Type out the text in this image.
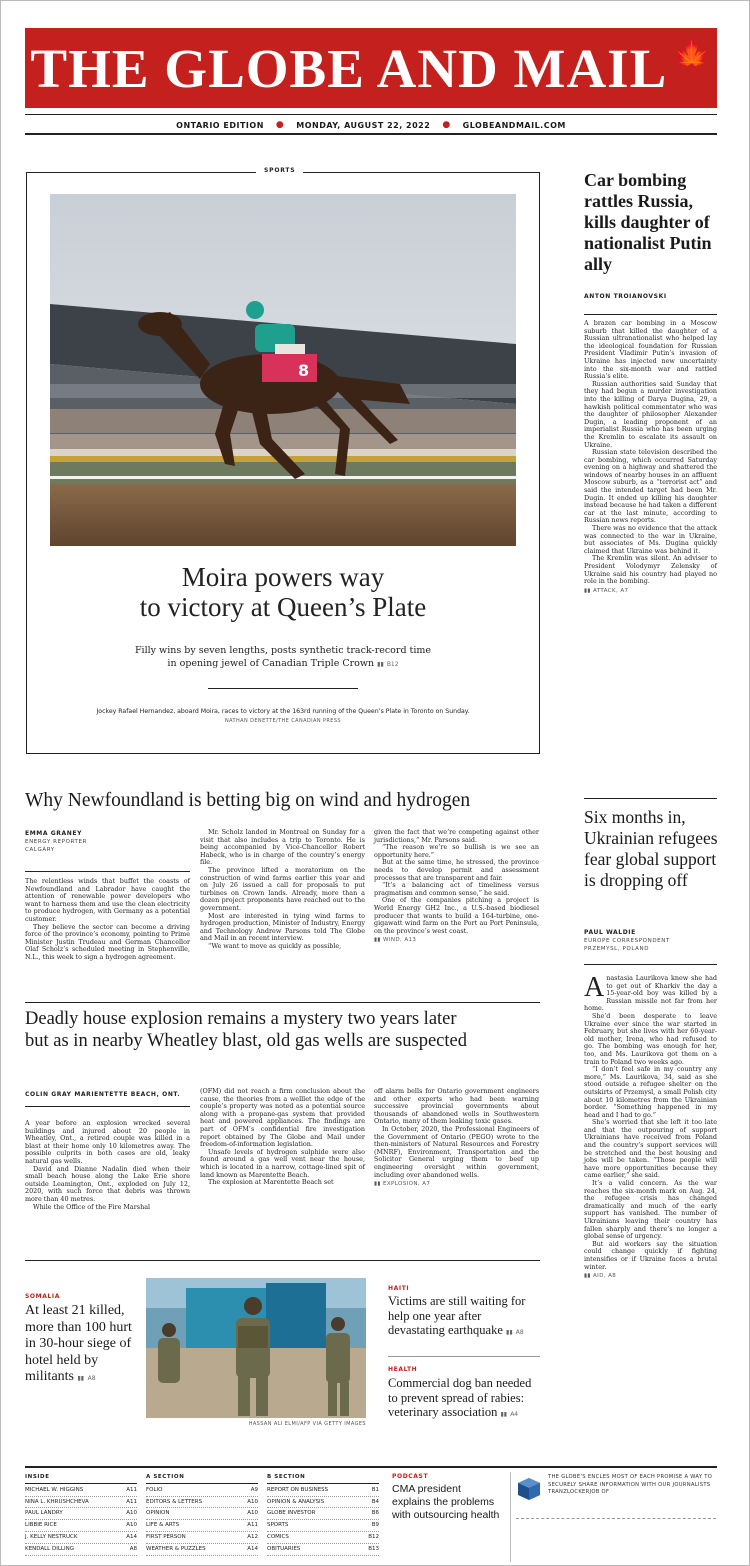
THE GLOBE AND MAIL 🍁
ONTARIO EDITION ● MONDAY, AUGUST 22, 2022 ● GLOBEANDMAIL.COM
SPORTS
8
Moira powers way
to victory at Queen’s Plate
Filly wins by seven lengths, posts synthetic track-record time
in opening jewel of Canadian Triple Crown ▮▮ B12
Jockey Rafael Hernandez, aboard Moira, races to victory at the 163rd running of the Queen’s Plate in Toronto on Sunday.
NATHAN DENETTE/THE CANADIAN PRESS
Car bombing rattles Russia, kills daughter of nationalist Putin ally
ANTON TROIANOVSKI

A brazen car bombing in a Moscow suburb that killed the daughter of a Russian ultranationalist who helped lay the ideological foundation for Russian President Vladimir Putin’s invasion of Ukraine has injected new uncertainty into the six-month war and rattled Russia’s elite.

Russian authorities said Sunday that they had begun a murder investigation into the killing of Darya Dugina, 29, a hawkish political commentator who was the daughter of philosopher Alexander Dugin, a leading proponent of an imperialist Russia who has been urging the Kremlin to escalate its assault on Ukraine.

Russian state television described the car bombing, which occurred Saturday evening on a highway and shattered the windows of nearby houses in an affluent Moscow suburb, as a “terrorist act” and said the intended target had been Mr. Dugin. It ended up killing his daughter instead because he had taken a different car at the last minute, according to Russian news reports.

There was no evidence that the attack was connected to the war in Ukraine, but associates of Ms. Dugina quickly claimed that Ukraine was behind it.

The Kremlin was silent. An adviser to President Volodymyr Zelensky of Ukraine said his country had played no role in the bombing.

▮▮ ATTACK, A7
Six months in, Ukrainian refugees fear global support is dropping off
PAUL WALDIE
EUROPE CORRESPONDENT
PRZEMYSL, POLAND

Anastasia Laurikova knew she had to get out of Kharkiv the day a 15-year-old boy was killed by a Russian missile not far from her home.

She’d been desperate to leave Ukraine ever since the war started in February, but she lives with her 60-year-old mother, Irena, who had refused to go. The bombing was enough for her, too, and Ms. Laurikova got them on a train to Poland two weeks ago.

“I don’t feel safe in my country any more,” Ms. Laurikova, 34, said as she stood outside a refugee shelter on the outskirts of Przemysl, a small Polish city about 10 kilometres from the Ukrainian border. “Something happened in my head and I had to go.”

She’s worried that she left it too late and that the outpouring of support Ukrainians have received from Poland and the country’s support services will be stretched and the best housing and jobs will be taken. “Those people will have more opportunities because they came earlier,” she said.

It’s a valid concern. As the war reaches the six-month mark on Aug. 24, the refugee crisis has changed dramatically and much of the early support has vanished. The number of Ukrainians leaving their country has fallen sharply and there’s no longer a global sense of urgency.

But aid workers say the situation could change quickly if fighting intensifies or if Ukraine faces a brutal winter.

▮▮ AID, A8
Why Newfoundland is betting big on wind and hydrogen
EMMA GRANEY
ENERGY REPORTER
CALGARY

The relentless winds that buffet the coasts of Newfoundland and Labrador have caught the attention of renewable power developers who want to harness them and use the clean electricity to produce hydrogen, with Germany as a potential customer.

They believe the sector can become a driving force of the province’s economy, pointing to Prime Minister Justin Trudeau and German Chancellor Olaf Scholz’s scheduled meeting in Stephenville, N.L., this week to sign a hydrogen agreement.

Mr. Scholz landed in Montreal on Sunday for a visit that also includes a trip to Toronto. He is being accompanied by Vice-Chancellor Robert Habeck, who is in charge of the country’s energy file.

The province lifted a moratorium on the construction of wind farms earlier this year and on July 26 issued a call for proposals to put turbines on Crown lands. Already, more than a dozen project proponents have reached out to the government.

Most are interested in tying wind farms to hydrogen production, Minister of Industry, Energy and Technology Andrew Parsons told The Globe and Mail in an recent interview.

“We want to move as quickly as possible,

given the fact that we’re competing against other jurisdictions,” Mr. Parsons said.

“The reason we’re so bullish is we see an opportunity here.”

But at the same time, he stressed, the province needs to develop permit and assessment processes that are transparent and fair.

“It’s a balancing act of timeliness versus pragmatism and common sense,” he said.

One of the companies pitching a project is World Energy GH2 Inc., a U.S.-based biodiesel producer that wants to build a 164-turbine, one-gigawatt wind farm on the Port au Port Peninsula, on the province’s west coast.

▮▮ WIND, A13
Deadly house explosion remains a mystery two years later
but as in nearby Wheatley blast, old gas wells are suspected
COLIN GRAY MARIENTETTE BEACH, ONT.

A year before an explosion wrecked several buildings and injured about 20 people in Wheatley, Ont., a retired couple was killed in a blast at their home only 10 kilometres away. The possible culprits in both cases are old, leaky natural gas wells.

David and Dianne Nadalin died when their small beach house along the Lake Erie shore outside Leamington, Ont., exploded on July 12, 2020, with such force that debris was thrown more than 40 metres.

While the Office of the Fire Marshal

(OFM) did not reach a firm conclusion about the cause, the theories from a welllet the edge of the couple’s property was noted as a potential source along with a propane-gas system that provided heat and powered appliances. The findings are part of OFM’s confidential fire investigation report obtained by The Globe and Mail under freedom-of-information legislation.

Unsafe levels of hydrogen sulphide were also found around a gas well vent near the house, which is located in a narrow, cottage-lined spit of land known as Marentette Beach.

The explosion at Marentette Beach set

off alarm bells for Ontario government engineers and other experts who had been warning successive provincial governments about thousands of abandoned wells in Southwestern Ontario, many of them leaking toxic gases.

In October, 2020, the Professional Engineers of the Government of Ontario (PEGO) wrote to the then-ministers of Natural Resources and Forestry (MNRF), Environment, Transportation and the Solicitor General urging them to beef up engineering oversight within government, including over abandoned wells.

▮▮ EXPLOSION, A7
SOMALIA
At least 21 killed, more than 100 hurt in 30-hour siege of hotel held by militants ▮▮ A8
HASSAN ALI ELMI/AFP VIA GETTY IMAGES
HAITI
Victims are still waiting for help one year after devastating earthquake ▮▮ A8
HEALTH
Commercial dog ban needed to prevent spread of rabies: veterinary association ▮▮ A4
INSIDE
MICHAEL W. HIGGINS	A11
NINA L. KHRUSHCHEVA	A11
PAUL LANDRY	A10
LIBBIE RICE	A10
J. KELLY NESTRUCK	A14
KENDALL DILLING	A8
A SECTION
FOLIO	A9
EDITORS & LETTERS	A10
OPINION	A10
LIFE & ARTS	A11
FIRST PERSON	A12
WEATHER & PUZZLES	A14
B SECTION
REPORT ON BUSINESS	B1
OPINION & ANALYSIS	B4
GLOBE INVESTOR	B6
SPORTS	B9
COMICS	B12
OBITUARIES	B13
PODCAST
CMA president explains the problems with outsourcing health
THE GLOBE’S ENCLES MOST OF EACH PROMISE A WAY TO SECURELY SHARE INFORMATION WITH OUR JOURNALISTS TRANZLOCKERJOB OF
